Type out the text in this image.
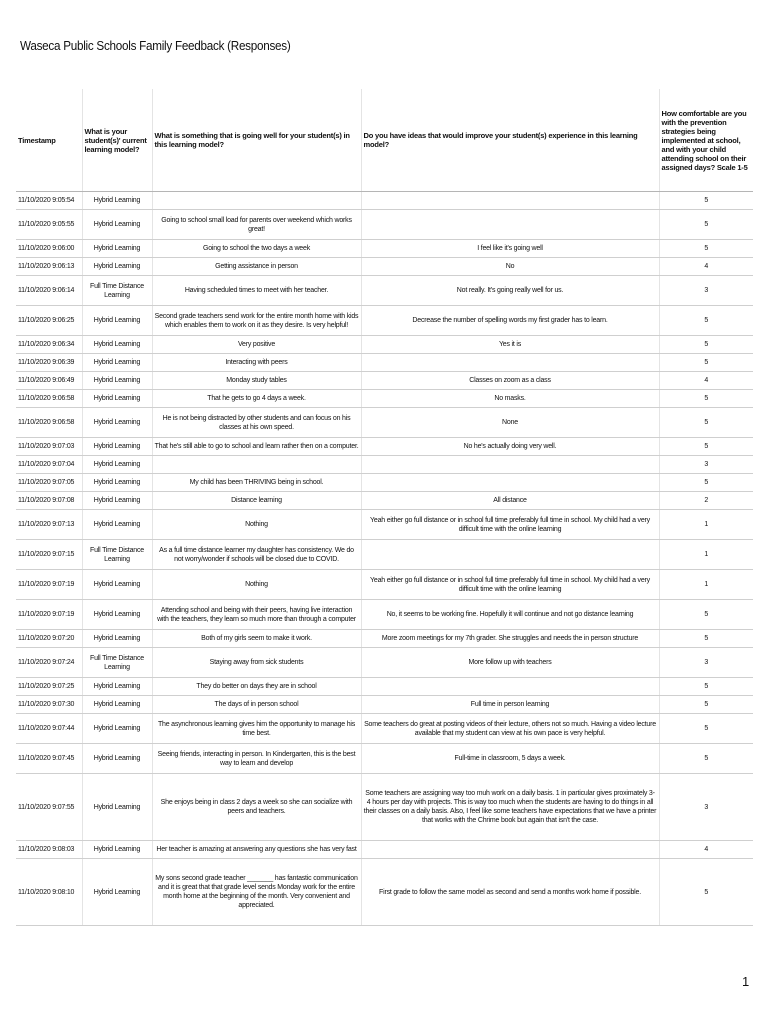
Waseca Public Schools Family Feedback (Responses)
Timestamp	What is your student(s)' current learning model?	What is something that is going well for your student(s) in this learning model?	Do you have ideas that would improve your student(s) experience in this learning model?	How comfortable are you with the prevention strategies being implemented at school, and with your child attending school on their assigned days? Scale 1-5
11/10/2020 9:05:54	Hybrid Learning			5
11/10/2020 9:05:55	Hybrid Learning	Going to school small load for parents over weekend which works great!		5
11/10/2020 9:06:00	Hybrid Learning	Going to school the two days a week	I feel like it's going well	5
11/10/2020 9:06:13	Hybrid Learning	Getting assistance in person	No	4
11/10/2020 9:06:14	Full Time Distance Learning	Having scheduled times to meet with her teacher.	Not really. It's going really well for us.	3
11/10/2020 9:06:25	Hybrid Learning	Second grade teachers send work for the entire month home with kids which enables them to work on it as they desire. Is very helpful!	Decrease the number of spelling words my first grader has to learn.	5
11/10/2020 9:06:34	Hybrid Learning	Very positive	Yes it is	5
11/10/2020 9:06:39	Hybrid Learning	Interacting with peers		5
11/10/2020 9:06:49	Hybrid Learning	Monday study tables	Classes on zoom as a class	4
11/10/2020 9:06:58	Hybrid Learning	That he gets to go 4 days a week.	No masks.	5
11/10/2020 9:06:58	Hybrid Learning	He is not being distracted by other students and can focus on his classes at his own speed.	None	5
11/10/2020 9:07:03	Hybrid Learning	That he's still able to go to school and learn rather then on a computer.	No he's actually doing very well.	5
11/10/2020 9:07:04	Hybrid Learning			3
11/10/2020 9:07:05	Hybrid Learning	My child has been THRIVING being in school.		5
11/10/2020 9:07:08	Hybrid Learning	Distance learning	All distance	2
11/10/2020 9:07:13	Hybrid Learning	Nothing	Yeah either go full distance or in school full time preferably full time in school. My child had a very difficult time with the online learning	1
11/10/2020 9:07:15	Full Time Distance Learning	As a full time distance learner my daughter has consistency. We do not worry/wonder if schools will be closed due to COVID.		1
11/10/2020 9:07:19	Hybrid Learning	Nothing	Yeah either go full distance or in school full time preferably full time in school. My child had a very difficult time with the online learning	1
11/10/2020 9:07:19	Hybrid Learning	Attending school and being with their peers, having live interaction with the teachers, they learn so much more than through a computer	No, it seems to be working fine. Hopefully it will continue and not go distance learning	5
11/10/2020 9:07:20	Hybrid Learning	Both of my girls seem to make it work.	More zoom meetings for my 7th grader. She struggles and needs the in person structure	5
11/10/2020 9:07:24	Full Time Distance Learning	Staying away from sick students	More follow up with teachers	3
11/10/2020 9:07:25	Hybrid Learning	They do better on days they are in school		5
11/10/2020 9:07:30	Hybrid Learning	The days of in person school	Full time in person learning	5
11/10/2020 9:07:44	Hybrid Learning	The asynchronous learning gives him the opportunity to manage his time best.	Some teachers do great at posting videos of their lecture, others not so much. Having a video lecture available that my student can view at his own pace is very helpful.	5
11/10/2020 9:07:45	Hybrid Learning	Seeing friends, interacting in person. In Kindergarten, this is the best way to learn and develop	Full-time in classroom, 5 days a week.	5
11/10/2020 9:07:55	Hybrid Learning	She enjoys being in class 2 days a week so she can socialize with peers and teachers.	Some teachers are assigning way too muh work on a daily basis. 1 in particular gives proximately 3-4 hours per day with projects. This is way too much when the students are having to do things in all their classes on a daily basis. Also, I feel like some teachers have expectations that we have a printer that works with the Chrime book but again that isn't the case.	3
11/10/2020 9:08:03	Hybrid Learning	Her teacher is amazing at answering any questions she has very fast		4
11/10/2020 9:08:10	Hybrid Learning	My sons second grade teacher _______ has fantastic communication and it is great that that grade level sends Monday work for the entire month home at the beginning of the month. Very convenient and appreciated.	First grade to follow the same model as second and send a months work home if possible.	5
1
